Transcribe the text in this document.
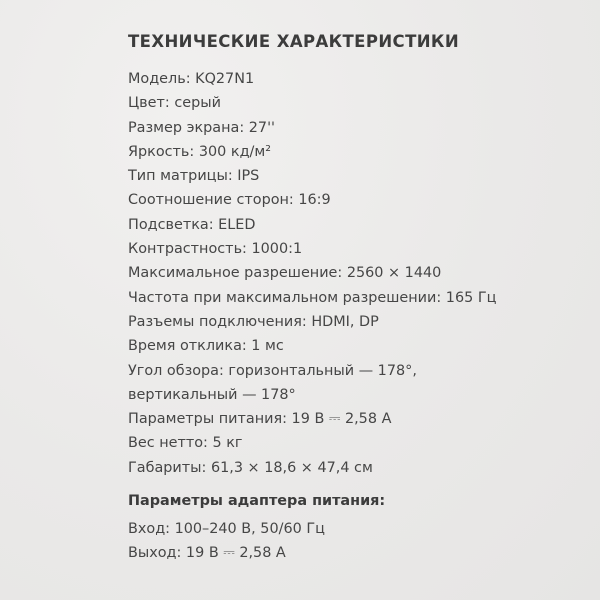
ТЕХНИЧЕСКИЕ ХАРАКТЕРИСТИКИ
Модель: KQ27N1
Цвет: серый
Размер экрана: 27''
Яркость: 300 кд/м²
Тип матрицы: IPS
Соотношение сторон: 16:9
Подсветка: ELED
Контрастность: 1000:1
Максимальное разрешение: 2560 × 1440
Частота при максимальном разрешении: 165 Гц
Разъемы подключения: HDMI, DP
Время отклика: 1 мс
Угол обзора: горизонтальный — 178°,
вертикальный — 178°
Параметры питания: 19 В ⎓ 2,58 А
Вес нетто: 5 кг
Габариты: 61,3 × 18,6 × 47,4 см
Параметры адаптера питания:
Вход: 100–240 В, 50/60 Гц
Выход: 19 В ⎓ 2,58 А
